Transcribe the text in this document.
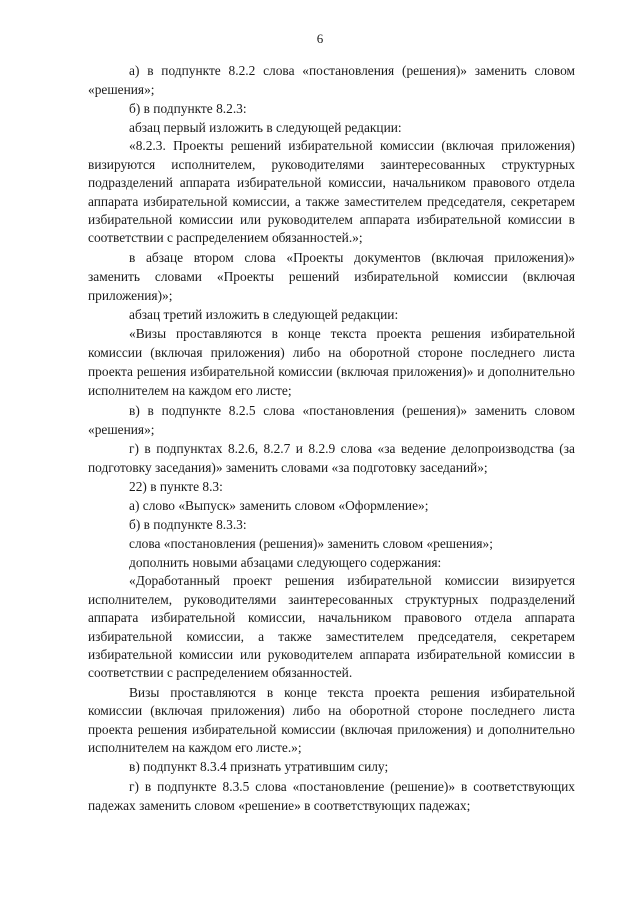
6

а) в подпункте 8.2.2 слова «постановления (решения)» заменить словом «решения»;

б) в подпункте 8.2.3:

абзац первый изложить в следующей редакции:

«8.2.3. Проекты решений избирательной комиссии (включая приложения) визируются исполнителем, руководителями заинтересованных структурных подразделений аппарата избирательной комиссии, начальником правового отдела аппарата избирательной комиссии, а также заместителем председателя, секретарем избирательной комиссии или руководителем аппарата избирательной комиссии в соответствии с распределением обязанностей.»;

в абзаце втором слова «Проекты документов (включая приложения)» заменить словами «Проекты решений избирательной комиссии (включая приложения)»;

абзац третий изложить в следующей редакции:

«Визы проставляются в конце текста проекта решения избирательной комиссии (включая приложения) либо на оборотной стороне последнего листа проекта решения избирательной комиссии (включая приложения)» и дополнительно исполнителем на каждом его листе;

в) в подпункте 8.2.5 слова «постановления (решения)» заменить словом «решения»;

г) в подпунктах 8.2.6, 8.2.7 и 8.2.9 слова «за ведение делопроизводства (за подготовку заседания)» заменить словами «за подготовку заседаний»;

22) в пункте 8.3:

а) слово «Выпуск» заменить словом «Оформление»;

б) в подпункте 8.3.3:

слова «постановления (решения)» заменить словом «решения»;

дополнить новыми абзацами следующего содержания:

«Доработанный проект решения избирательной комиссии визируется исполнителем, руководителями заинтересованных структурных подразделений аппарата избирательной комиссии, начальником правового отдела аппарата избирательной комиссии, а также заместителем председателя, секретарем избирательной комиссии или руководителем аппарата избирательной комиссии в соответствии с распределением обязанностей.

Визы проставляются в конце текста проекта решения избирательной комиссии (включая приложения) либо на оборотной стороне последнего листа проекта решения избирательной комиссии (включая приложения) и дополнительно исполнителем на каждом его листе.»;

в) подпункт 8.3.4 признать утратившим силу;

г) в подпункте 8.3.5 слова «постановление (решение)» в соответствующих падежах заменить словом «решение» в соответствующих падежах;
